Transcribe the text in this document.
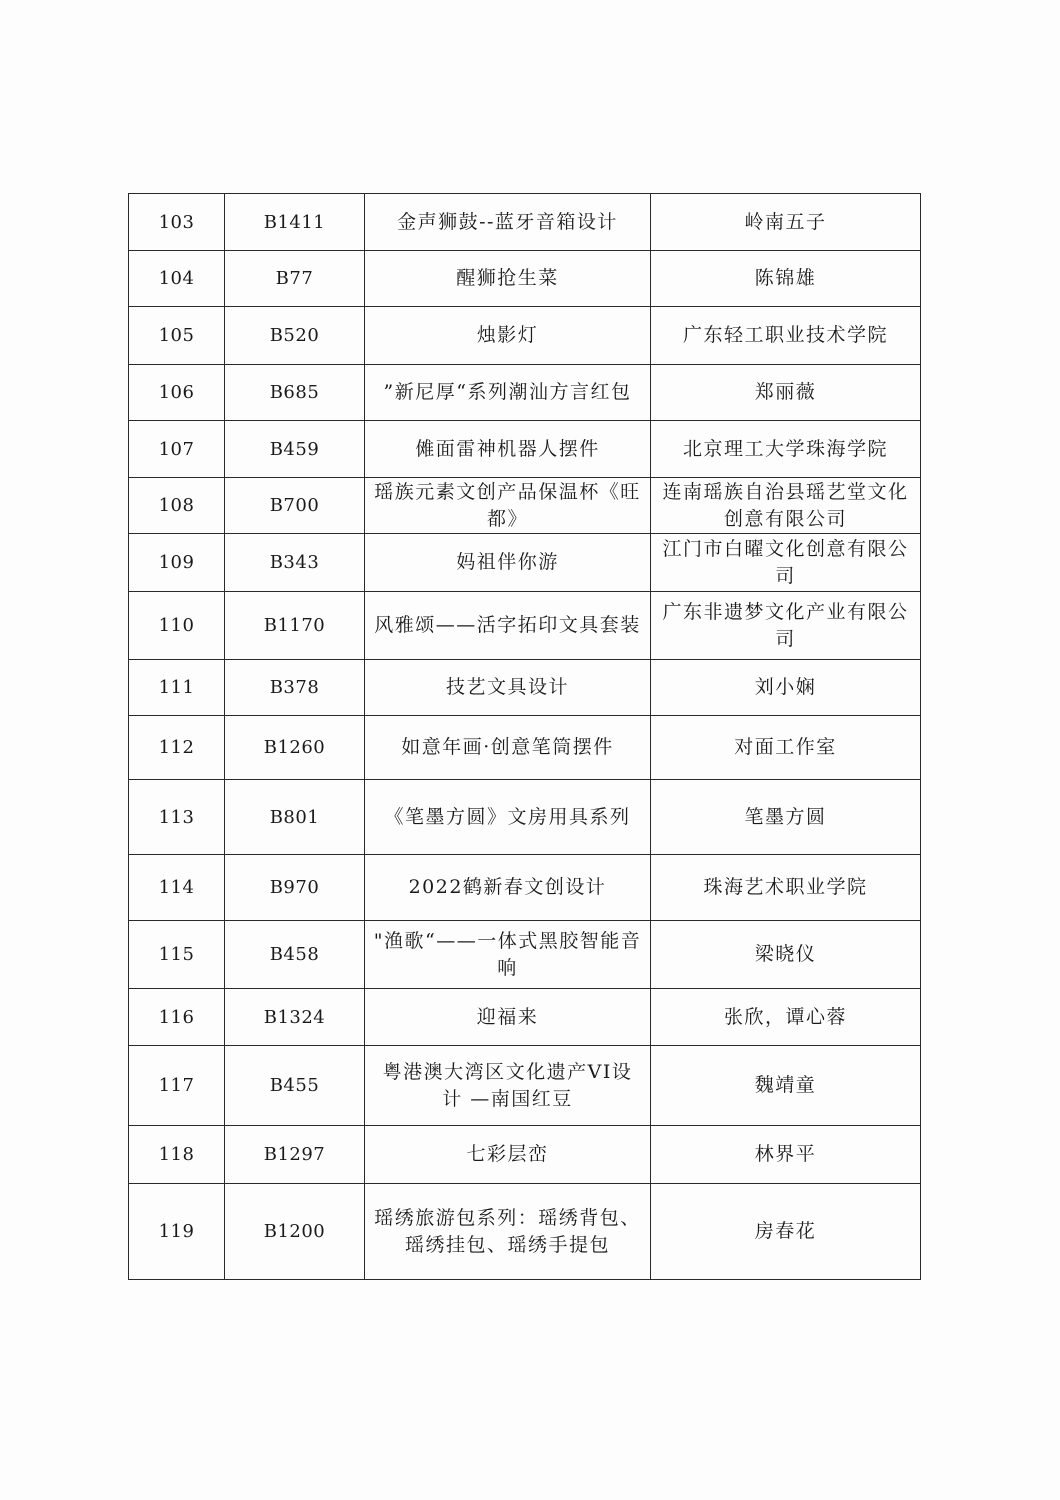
103	B1411	金声狮鼓--蓝牙音箱设计	岭南五子
104	B77	醒狮抢生菜	陈锦雄
105	B520	烛影灯	广东轻工职业技术学院
106	B685	”新尼厚“系列潮汕方言红包	郑丽薇
107	B459	傩面雷神机器人摆件	北京理工大学珠海学院
108	B700	瑶族元素文创产品保温杯《旺都》	连南瑶族自治县瑶艺堂文化创意有限公司
109	B343	妈祖伴你游	江门市白曜文化创意有限公司
110	B1170	风雅颂——活字拓印文具套装	广东非遗梦文化产业有限公司
111	B378	技艺文具设计	刘小娴
112	B1260	如意年画·创意笔筒摆件	对面工作室
113	B801	《笔墨方圆》文房用具系列	笔墨方圆
114	B970	2022鹤新春文创设计	珠海艺术职业学院
115	B458	"渔歌“——一体式黑胶智能音响	梁晓仪
116	B1324	迎福来	张欣，谭心蓉
117	B455	粤港澳大湾区文化遗产VI设计 —南国红豆	魏靖童
118	B1297	七彩层峦	林界平
119	B1200	瑶绣旅游包系列：瑶绣背包、瑶绣挂包、瑶绣手提包	房春花
